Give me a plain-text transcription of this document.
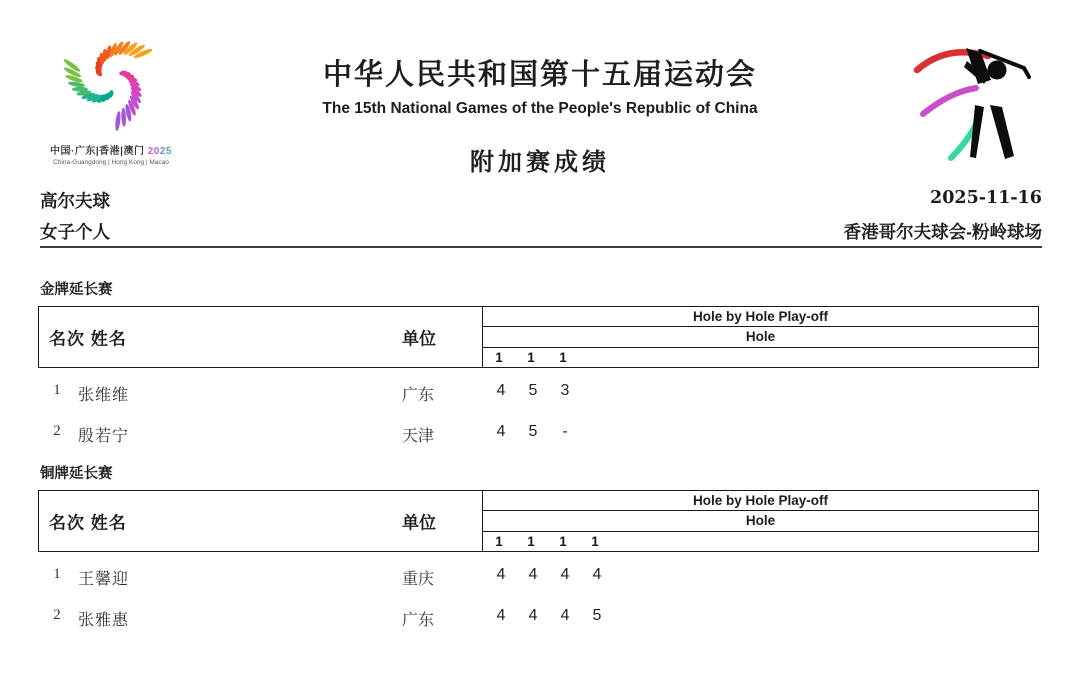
中国·广东|香港|澳门 2025
China-Guangdong | Hong Kong | Macao
中华人民共和国第十五届运动会
The 15th National Games of the People's Republic of China
附加赛成绩
高尔夫球
女子个人
2025-11-16
香港哥尔夫球会-粉岭球场
金牌延长赛
名次 姓名	单位
Hole by Hole Play-off
Hole
1	1	1
1	张维维	广东	4	5	3
2	殷若宁	天津	4	5	-
铜牌延长赛
名次 姓名	单位
Hole by Hole Play-off
Hole
1	1	1	1
1	王馨迎	重庆	4	4	4	4
2	张雅惠	广东	4	4	4	5
